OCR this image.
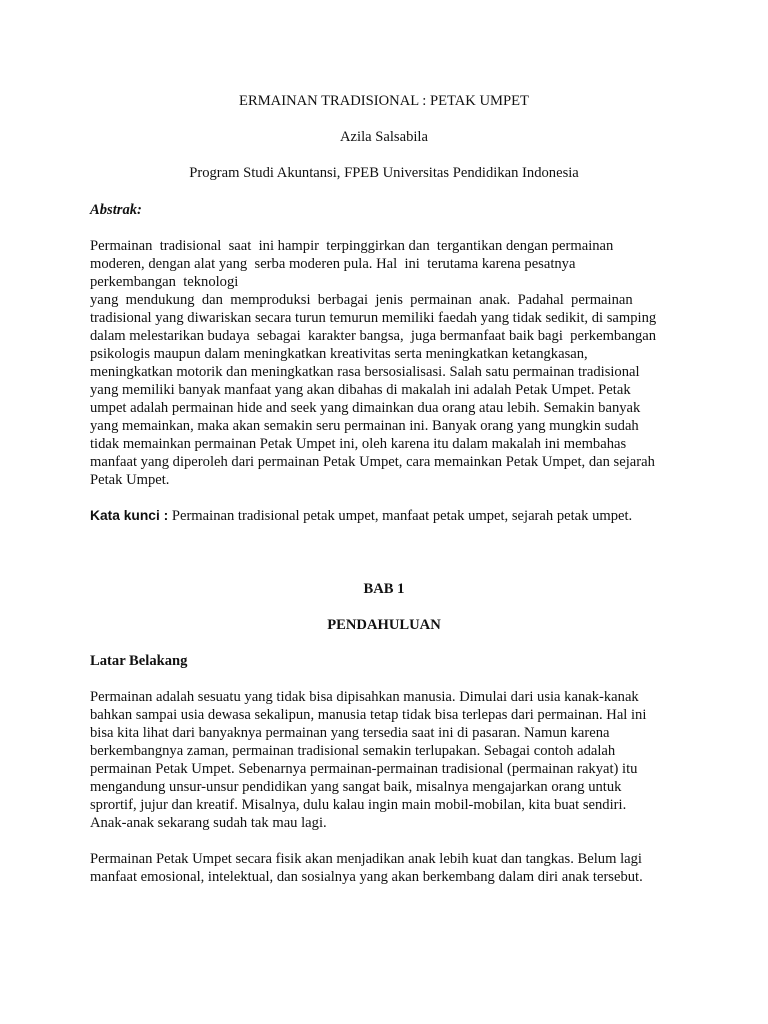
ERMAINAN TRADISIONAL : PETAK UMPET
Azila Salsabila
Program Studi Akuntansi, FPEB Universitas Pendidikan Indonesia
Abstrak:
Permainan  tradisional  saat  ini hampir  terpinggirkan dan  tergantikan dengan permainan
moderen, dengan alat yang  serba moderen pula. Hal  ini  terutama karena pesatnya
perkembangan  teknologi
yang  mendukung  dan  memproduksi  berbagai  jenis  permainan  anak.  Padahal  permainan
tradisional yang diwariskan secara turun temurun memiliki faedah yang tidak sedikit, di samping
dalam melestarikan budaya  sebagai  karakter bangsa,  juga bermanfaat baik bagi  perkembangan
psikologis maupun dalam meningkatkan kreativitas serta meningkatkan ketangkasan,
meningkatkan motorik dan meningkatkan rasa bersosialisasi. Salah satu permainan tradisional
yang memiliki banyak manfaat yang akan dibahas di makalah ini adalah Petak Umpet. Petak
umpet adalah permainan hide and seek yang dimainkan dua orang atau lebih. Semakin banyak
yang memainkan, maka akan semakin seru permainan ini. Banyak orang yang mungkin sudah
tidak memainkan permainan Petak Umpet ini, oleh karena itu dalam makalah ini membahas
manfaat yang diperoleh dari permainan Petak Umpet, cara memainkan Petak Umpet, dan sejarah
Petak Umpet.
Kata kunci : Permainan tradisional petak umpet, manfaat petak umpet, sejarah petak umpet.
BAB 1
PENDAHULUAN
Latar Belakang
Permainan adalah sesuatu yang tidak bisa dipisahkan manusia. Dimulai dari usia kanak-kanak
bahkan sampai usia dewasa sekalipun, manusia tetap tidak bisa terlepas dari permainan. Hal ini
bisa kita lihat dari banyaknya permainan yang tersedia saat ini di pasaran. Namun karena
berkembangnya zaman, permainan tradisional semakin terlupakan. Sebagai contoh adalah
permainan Petak Umpet. Sebenarnya permainan-permainan tradisional (permainan rakyat) itu
mengandung unsur-unsur pendidikan yang sangat baik, misalnya mengajarkan orang untuk
sprortif, jujur dan kreatif. Misalnya, dulu kalau ingin main mobil-mobilan, kita buat sendiri.
Anak-anak sekarang sudah tak mau lagi.
Permainan Petak Umpet secara fisik akan menjadikan anak lebih kuat dan tangkas. Belum lagi
manfaat emosional, intelektual, dan sosialnya yang akan berkembang dalam diri anak tersebut.
